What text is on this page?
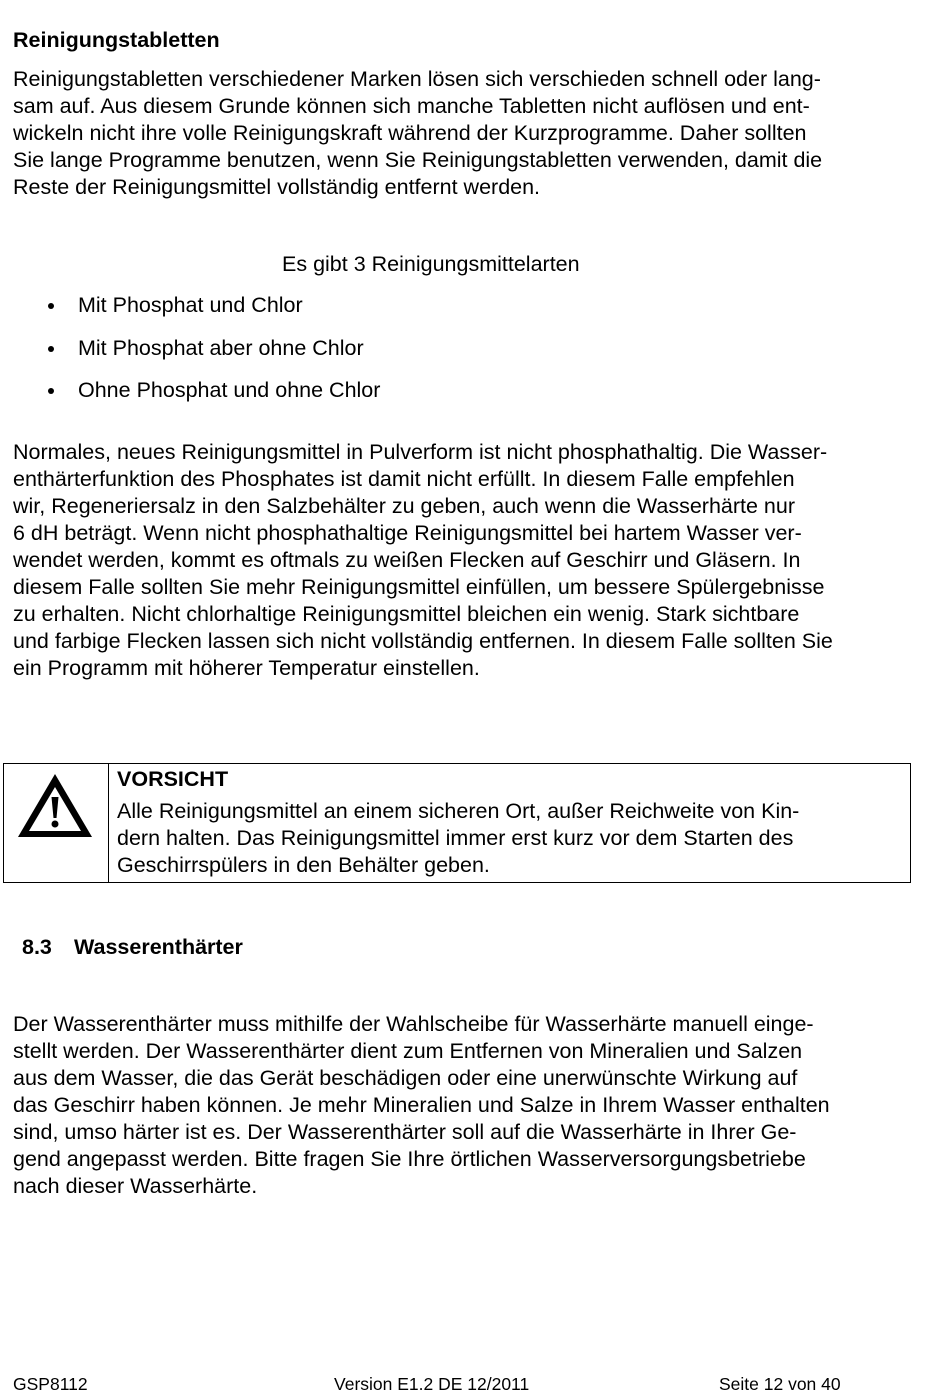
Reinigungstabletten
Reinigungstabletten verschiedener Marken lösen sich verschieden schnell oder lang-
sam auf. Aus diesem Grunde können sich manche Tabletten nicht auflösen und ent-
wickeln nicht ihre volle Reinigungskraft während der Kurzprogramme. Daher sollten
Sie lange Programme benutzen, wenn Sie Reinigungstabletten verwenden, damit die
Reste der Reinigungsmittel vollständig entfernt werden.
Es gibt 3 Reinigungsmittelarten
Mit Phosphat und Chlor
Mit Phosphat aber ohne Chlor
Ohne Phosphat und ohne Chlor
Normales, neues Reinigungsmittel in Pulverform ist nicht phosphathaltig. Die Wasser-
enthärterfunktion des Phosphates ist damit nicht erfüllt. In diesem Falle empfehlen
wir, Regeneriersalz in den Salzbehälter zu geben, auch wenn die Wasserhärte nur
6 dH beträgt. Wenn nicht phosphathaltige Reinigungsmittel bei hartem Wasser ver-
wendet werden, kommt es oftmals zu weißen Flecken auf Geschirr und Gläsern. In
diesem Falle sollten Sie mehr Reinigungsmittel einfüllen, um bessere Spülergebnisse
zu erhalten. Nicht chlorhaltige Reinigungsmittel bleichen ein wenig. Stark sichtbare
und farbige Flecken lassen sich nicht vollständig entfernen. In diesem Falle sollten Sie
ein Programm mit höherer Temperatur einstellen.
VORSICHT
Alle Reinigungsmittel an einem sicheren Ort, außer Reichweite von Kin-
dern halten. Das Reinigungsmittel immer erst kurz vor dem Starten des
Geschirrspülers in den Behälter geben.
8.3 Wasserenthärter
Der Wasserenthärter muss mithilfe der Wahlscheibe für Wasserhärte manuell einge-
stellt werden. Der Wasserenthärter dient zum Entfernen von Mineralien und Salzen
aus dem Wasser, die das Gerät beschädigen oder eine unerwünschte Wirkung auf
das Geschirr haben können. Je mehr Mineralien und Salze in Ihrem Wasser enthalten
sind, umso härter ist es. Der Wasserenthärter soll auf die Wasserhärte in Ihrer Ge-
gend angepasst werden. Bitte fragen Sie Ihre örtlichen Wasserversorgungsbetriebe
nach dieser Wasserhärte.
GSP8112	Version E1.2 DE 12/2011	Seite 12 von 40
